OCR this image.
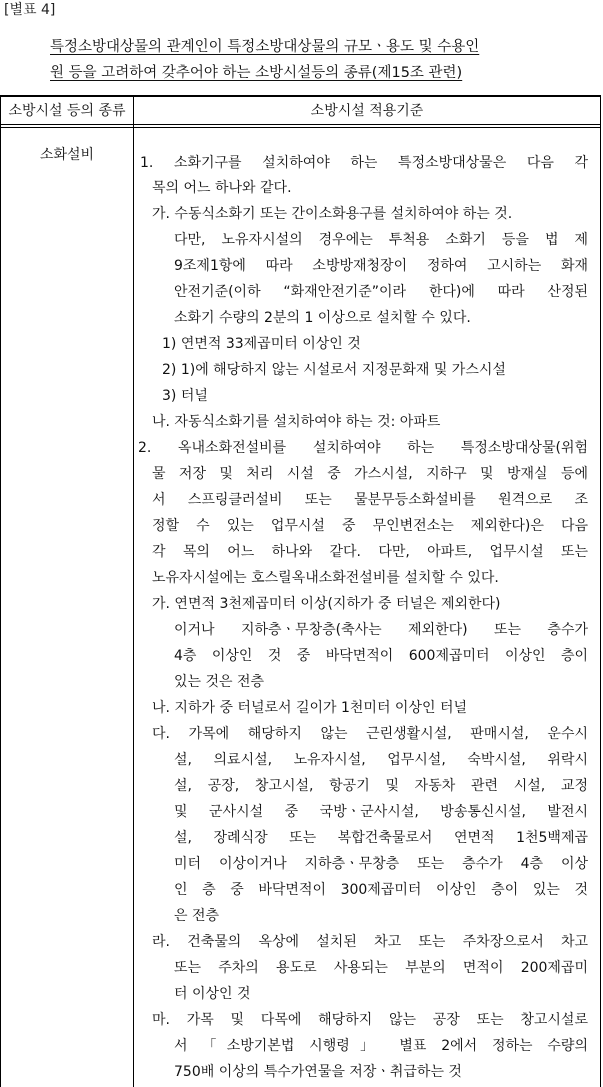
[별표 4]
특정소방대상물의 관계인이 특정소방대상물의 규모ㆍ용도 및 수용인
원 등을 고려하여 갖추어야 하는 소방시설등의 종류(제15조 관련)
소방시설 등의 종류	소방시설 적용기준
소화설비	1. 소화기구를 설치하여야 하는 특정소방대상물은 다음 각
목의 어느 하나와 같다.
가. 수동식소화기 또는 간이소화용구를 설치하여야 하는 것.
다만, 노유자시설의 경우에는 투척용 소화기 등을 법 제
9조제1항에 따라 소방방재청장이 정하여 고시하는 화재
안전기준(이하 “화재안전기준”이라 한다)에 따라 산정된
소화기 수량의 2분의 1 이상으로 설치할 수 있다.
1) 연면적 33제곱미터 이상인 것
2) 1)에 해당하지 않는 시설로서 지정문화재 및 가스시설
3) 터널
나. 자동식소화기를 설치하여야 하는 것: 아파트
2. 옥내소화전설비를 설치하여야 하는 특정소방대상물(위험
물 저장 및 처리 시설 중 가스시설, 지하구 및 방재실 등에
서 스프링클러설비 또는 물분무등소화설비를 원격으로 조
정할 수 있는 업무시설 중 무인변전소는 제외한다)은 다음
각 목의 어느 하나와 같다. 다만, 아파트, 업무시설 또는
노유자시설에는 호스릴옥내소화전설비를 설치할 수 있다.
가. 연면적 3천제곱미터 이상(지하가 중 터널은 제외한다)
이거나 지하층ㆍ무창층(축사는 제외한다) 또는 층수가
4층 이상인 것 중 바닥면적이 600제곱미터 이상인 층이
있는 것은 전층
나. 지하가 중 터널로서 길이가 1천미터 이상인 터널
다. 가목에 해당하지 않는 근린생활시설, 판매시설, 운수시
설, 의료시설, 노유자시설, 업무시설, 숙박시설, 위락시
설, 공장, 창고시설, 항공기 및 자동차 관련 시설, 교정
및 군사시설 중 국방ㆍ군사시설, 방송통신시설, 발전시
설, 장례식장 또는 복합건축물로서 연면적 1천5백제곱
미터 이상이거나 지하층ㆍ무창층 또는 층수가 4층 이상
인 층 중 바닥면적이 300제곱미터 이상인 층이 있는 것
은 전층
라. 건축물의 옥상에 설치된 차고 또는 주차장으로서 차고
또는 주차의 용도로 사용되는 부분의 면적이 200제곱미
터 이상인 것
마. 가목 및 다목에 해당하지 않는 공장 또는 창고시설로
서 「소방기본법 시행령」 별표 2에서 정하는 수량의
750배 이상의 특수가연물을 저장ㆍ취급하는 것
